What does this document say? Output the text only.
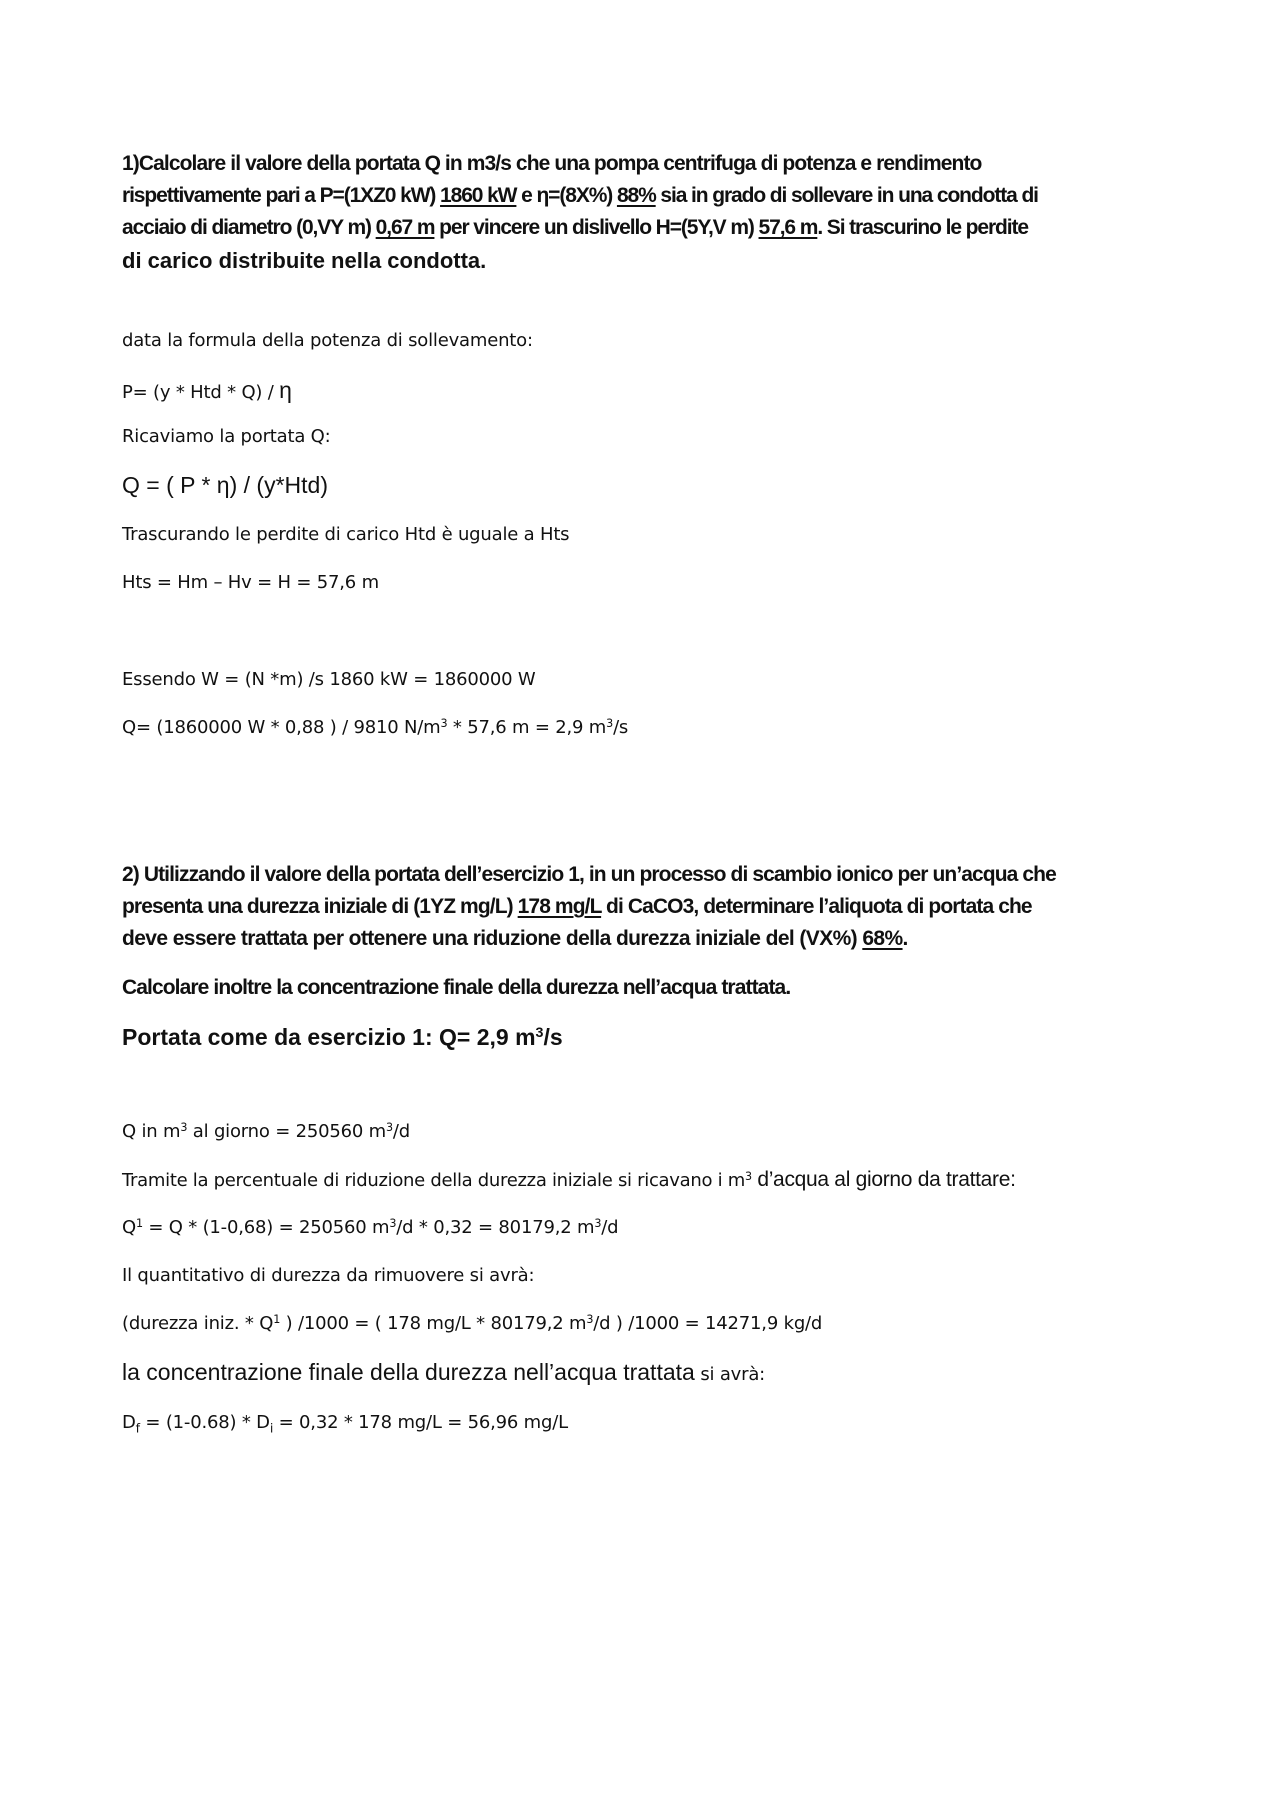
1)Calcolare il valore della portata Q in m3/s che una pompa centrifuga di potenza e rendimento
rispettivamente pari a P=(1XZ0 kW) 1860 kW e η=(8X%) 88% sia in grado di sollevare in una condotta di
acciaio di diametro (0,VY m) 0,67 m per vincere un dislivello H=(5Y,V m) 57,6 m. Si trascurino le perdite
di carico distribuite nella condotta.
data la formula della potenza di sollevamento:
P= (y * Htd * Q) / η
Ricaviamo la portata Q:
Q = ( P * η) / (y*Htd)
Trascurando le perdite di carico Htd è uguale a Hts
Hts = Hm – Hv = H = 57,6 m
Essendo W = (N *m) /s 1860 kW = 1860000 W
Q= (1860000 W * 0,88 ) / 9810 $N/m^3 * 57,6$ m = 2,9 $m^3/s$
2) Utilizzando il valore della portata dell’esercizio 1, in un processo di scambio ionico per un’acqua che
presenta una durezza iniziale di (1YZ mg/L) 178 mg/L di CaCO3, determinare l’aliquota di portata che
deve essere trattata per ottenere una riduzione della durezza iniziale del (VX%) 68%.
Calcolare inoltre la concentrazione finale della durezza nell’acqua trattata.
Portata come da esercizio 1: Q= 2,9 $m^3/s$
Q in $m^3$ al giorno = 250560 $m^3/d$
Tramite la percentuale di riduzione della durezza iniziale si ricavano i $m^3$ d’acqua al giorno da trattare:
$Q^1 = Q * (1-0,68) = 250560$ $m^3/d * 0,32 = 80179,2$ $m^3/d$
Il quantitativo di durezza da rimuovere si avrà:
(durezza iniz. * $Q^1$ ) /1000 = ( 178 mg/L * 80179,2 $m^3/d$ ) /1000 = 14271,9 kg/d
la concentrazione finale della durezza nell’acqua trattata si avrà:
$D_f = (1-0.68) * D_i = 0,32 * 178$ mg/L = 56,96 mg/L
